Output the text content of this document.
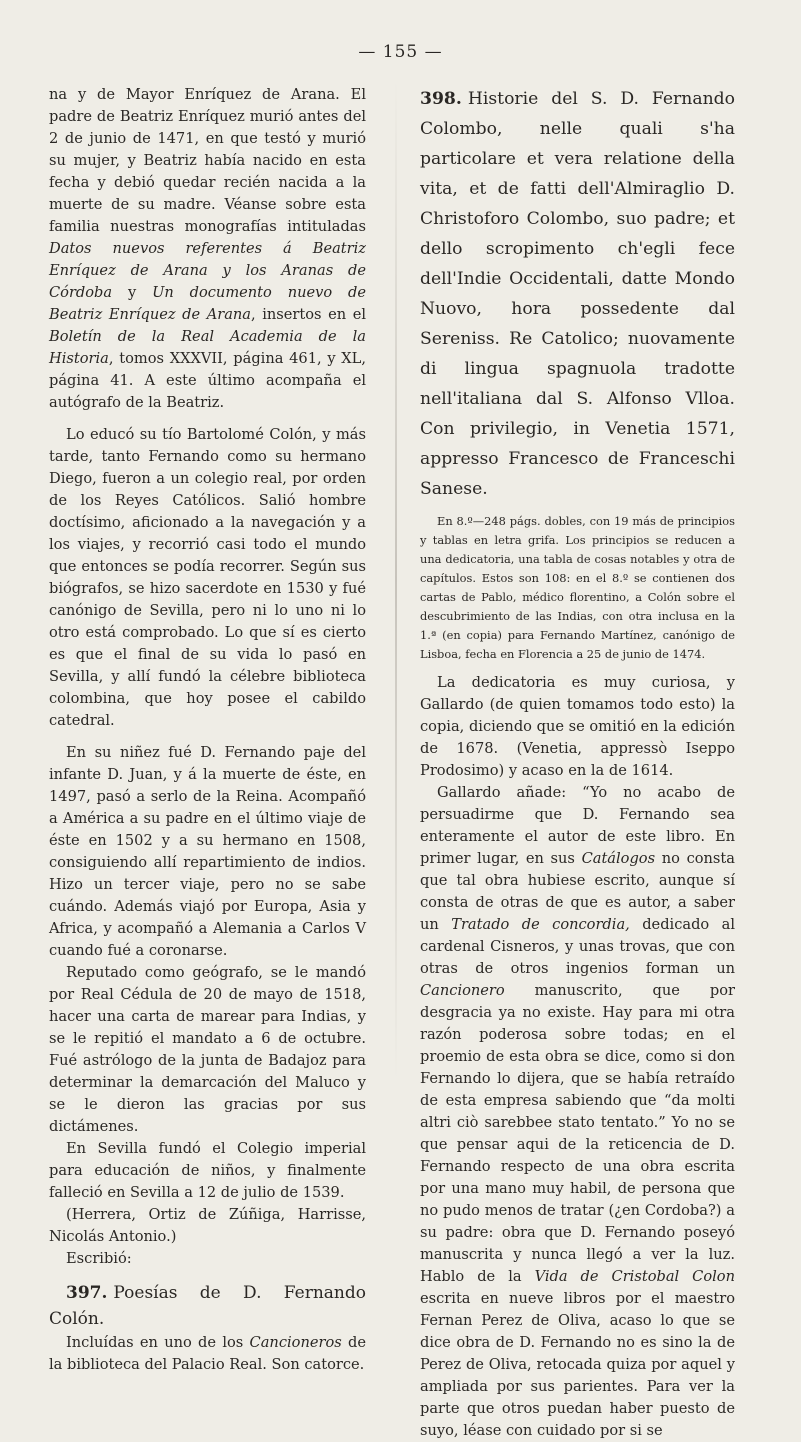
— 155 —

na y de Mayor Enríquez de Arana. El padre de Beatriz Enríquez murió antes del 2 de junio de 1471, en que testó y murió su mujer, y Beatriz había nacido en esta fecha y debió quedar recién nacida a la muerte de su madre. Véanse sobre esta familia nuestras monografías intituladas Datos nuevos referentes á Beatriz Enríquez de Arana y los Aranas de Córdoba y Un documento nuevo de Beatriz Enríquez de Arana, insertos en el Boletín de la Real Academia de la Historia, tomos XXXVII, página 461, y XL, página 41. A este último acompaña el autógrafo de la Beatriz.

Lo educó su tío Bartolomé Colón, y más tarde, tanto Fernando como su hermano Diego, fueron a un colegio real, por orden de los Reyes Católicos. Salió hombre doctísimo, aficionado a la navegación y a los viajes, y recorrió casi todo el mundo que entonces se podía recorrer. Según sus biógrafos, se hizo sacerdote en 1530 y fué canónigo de Sevilla, pero ni lo uno ni lo otro está comprobado. Lo que sí es cierto es que el final de su vida lo pasó en Sevilla, y allí fundó la célebre biblioteca colombina, que hoy posee el cabildo catedral.

En su niñez fué D. Fernando paje del infante D. Juan, y á la muerte de éste, en 1497, pasó a serlo de la Reina. Acompañó a América a su padre en el último viaje de éste en 1502 y a su hermano en 1508, consiguiendo allí repartimiento de indios. Hizo un tercer viaje, pero no se sabe cuándo. Además viajó por Europa, Asia y Africa, y acompañó a Alemania a Carlos V cuando fué a coronarse.

Reputado como geógrafo, se le mandó por Real Cédula de 20 de mayo de 1518, hacer una carta de marear para Indias, y se le repitió el mandato a 6 de octubre. Fué astrólogo de la junta de Badajoz para determinar la demarcación del Maluco y se le dieron las gracias por sus dictámenes.

En Sevilla fundó el Colegio imperial para educación de niños, y finalmente falleció en Sevilla a 12 de julio de 1539.

(Herrera, Ortiz de Zúñiga, Harrisse, Nicolás Antonio.)

Escribió:

397. Poesías de D. Fernando Colón.

Incluídas en uno de los Cancioneros de la biblioteca del Palacio Real. Son catorce.

398. Historie del S. D. Fernando Colombo, nelle quali s'ha particolare et vera relatione della vita, et de fatti dell'Almiraglio D. Christoforo Colombo, suo padre; et dello scropimento ch'egli fece dell'Indie Occidentali, datte Mondo Nuovo, hora possedente dal Sereniss. Re Catolico; nuovamente di lingua spagnuola tradotte nell'italiana dal S. Alfonso Vlloa. Con privilegio, in Venetia 1571, appresso Francesco de Franceschi Sanese.

En 8.º—248 págs. dobles, con 19 más de principios y tablas en letra grifa. Los principios se reducen a una dedicatoria, una tabla de cosas notables y otra de capítulos. Estos son 108: en el 8.º se contienen dos cartas de Pablo, médico florentino, a Colón sobre el descubrimiento de las Indias, con otra inclusa en la 1.ª (en copia) para Fernando Martínez, canónigo de Lisboa, fecha en Florencia a 25 de junio de 1474.

La dedicatoria es muy curiosa, y Gallardo (de quien tomamos todo esto) la copia, diciendo que se omitió en la edición de 1678. (Venetia, appressò Iseppo Prodosimo) y acaso en la de 1614.

Gallardo añade: “Yo no acabo de persuadirme que D. Fernando sea enteramente el autor de este libro. En primer lugar, en sus Catálogos no consta que tal obra hubiese escrito, aunque sí consta de otras de que es autor, a saber un Tratado de concordia, dedicado al cardenal Cisneros, y unas trovas, que con otras de otros ingenios forman un Cancionero manuscrito, que por desgracia ya no existe. Hay para mi otra razón poderosa sobre todas; en el proemio de esta obra se dice, como si don Fernando lo dijera, que se había retraído de esta empresa sabiendo que “da molti altri ciò sarebbee stato tentato.” Yo no se que pensar aqui de la reticencia de D. Fernando respecto de una obra escrita por una mano muy habil, de persona que no pudo menos de tratar (¿en Cordoba?) a su padre: obra que D. Fernando poseyó manuscrita y nunca llegó a ver la luz. Hablo de la Vida de Cristobal Colon escrita en nueve libros por el maestro Fernan Perez de Oliva, acaso lo que se dice obra de D. Fernando no es sino la de Perez de Oliva, retocada quiza por aquel y ampliada por sus parientes. Para ver la parte que otros puedan haber puesto de suyo, léase con cuidado por si se
